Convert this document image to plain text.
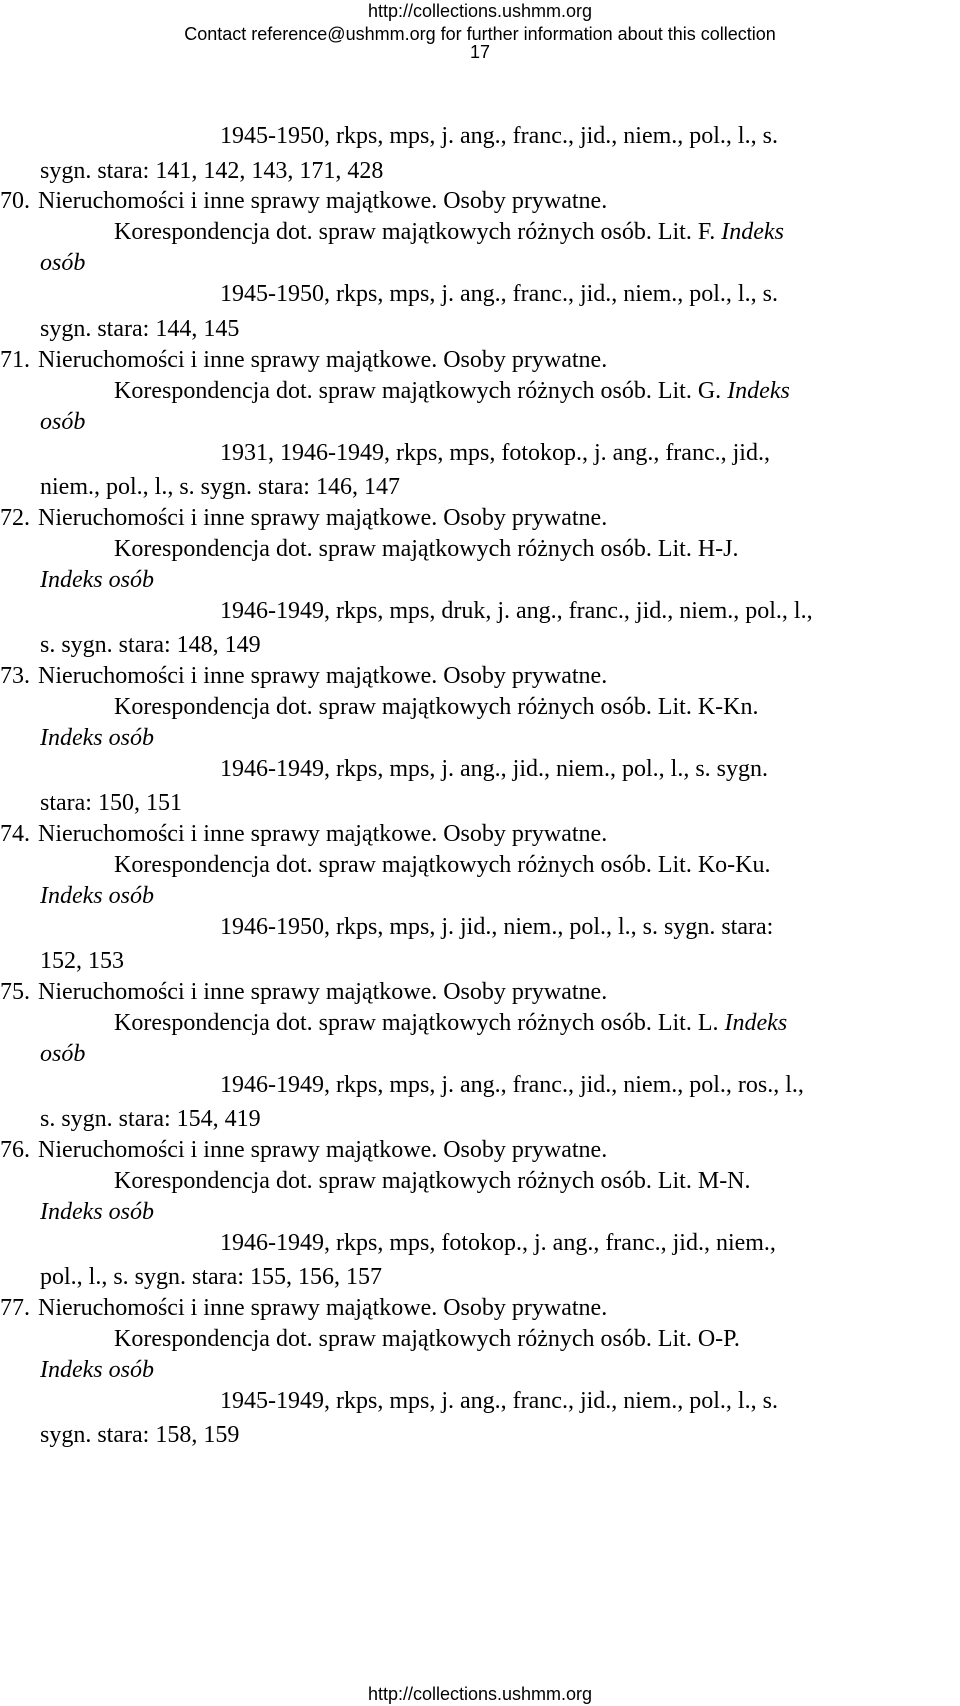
http://collections.ushmm.org
Contact reference@ushmm.org for further information about this collection
17
1945-1950, rkps, mps, j. ang., franc., jid., niem., pol., l., s.
sygn. stara: 141, 142, 143, 171, 428
70. Nieruchomości i inne sprawy majątkowe. Osoby prywatne.
Korespondencja dot. spraw majątkowych różnych osób. Lit. F. Indeks
osób
1945-1950, rkps, mps, j. ang., franc., jid., niem., pol., l., s.
sygn. stara: 144, 145
71. Nieruchomości i inne sprawy majątkowe. Osoby prywatne.
Korespondencja dot. spraw majątkowych różnych osób. Lit. G. Indeks
osób
1931, 1946-1949, rkps, mps, fotokop., j. ang., franc., jid.,
niem., pol., l., s. sygn. stara: 146, 147
72. Nieruchomości i inne sprawy majątkowe. Osoby prywatne.
Korespondencja dot. spraw majątkowych różnych osób. Lit. H-J.
Indeks osób
1946-1949, rkps, mps, druk, j. ang., franc., jid., niem., pol., l.,
s. sygn. stara: 148, 149
73. Nieruchomości i inne sprawy majątkowe. Osoby prywatne.
Korespondencja dot. spraw majątkowych różnych osób. Lit. K-Kn.
Indeks osób
1946-1949, rkps, mps, j. ang., jid., niem., pol., l., s. sygn.
stara: 150, 151
74. Nieruchomości i inne sprawy majątkowe. Osoby prywatne.
Korespondencja dot. spraw majątkowych różnych osób. Lit. Ko-Ku.
Indeks osób
1946-1950, rkps, mps, j. jid., niem., pol., l., s. sygn. stara:
152, 153
75. Nieruchomości i inne sprawy majątkowe. Osoby prywatne.
Korespondencja dot. spraw majątkowych różnych osób. Lit. L. Indeks
osób
1946-1949, rkps, mps, j. ang., franc., jid., niem., pol., ros., l.,
s. sygn. stara: 154, 419
76. Nieruchomości i inne sprawy majątkowe. Osoby prywatne.
Korespondencja dot. spraw majątkowych różnych osób. Lit. M-N.
Indeks osób
1946-1949, rkps, mps, fotokop., j. ang., franc., jid., niem.,
pol., l., s. sygn. stara: 155, 156, 157
77. Nieruchomości i inne sprawy majątkowe. Osoby prywatne.
Korespondencja dot. spraw majątkowych różnych osób. Lit. O-P.
Indeks osób
1945-1949, rkps, mps, j. ang., franc., jid., niem., pol., l., s.
sygn. stara: 158, 159
http://collections.ushmm.org
